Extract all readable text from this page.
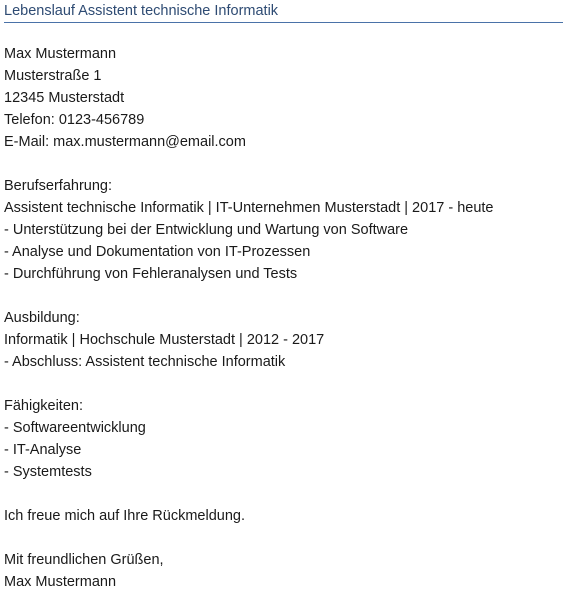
Lebenslauf Assistent technische Informatik
Max Mustermann
Musterstraße 1
12345 Musterstadt
Telefon: 0123-456789
E-Mail: max.mustermann@email.com
Berufserfahrung:
Assistent technische Informatik | IT-Unternehmen Musterstadt | 2017 - heute
- Unterstützung bei der Entwicklung und Wartung von Software
- Analyse und Dokumentation von IT-Prozessen
- Durchführung von Fehleranalysen und Tests
Ausbildung:
Informatik | Hochschule Musterstadt | 2012 - 2017
- Abschluss: Assistent technische Informatik
Fähigkeiten:
- Softwareentwicklung
- IT-Analyse
- Systemtests
Ich freue mich auf Ihre Rückmeldung.
Mit freundlichen Grüßen,
Max Mustermann
